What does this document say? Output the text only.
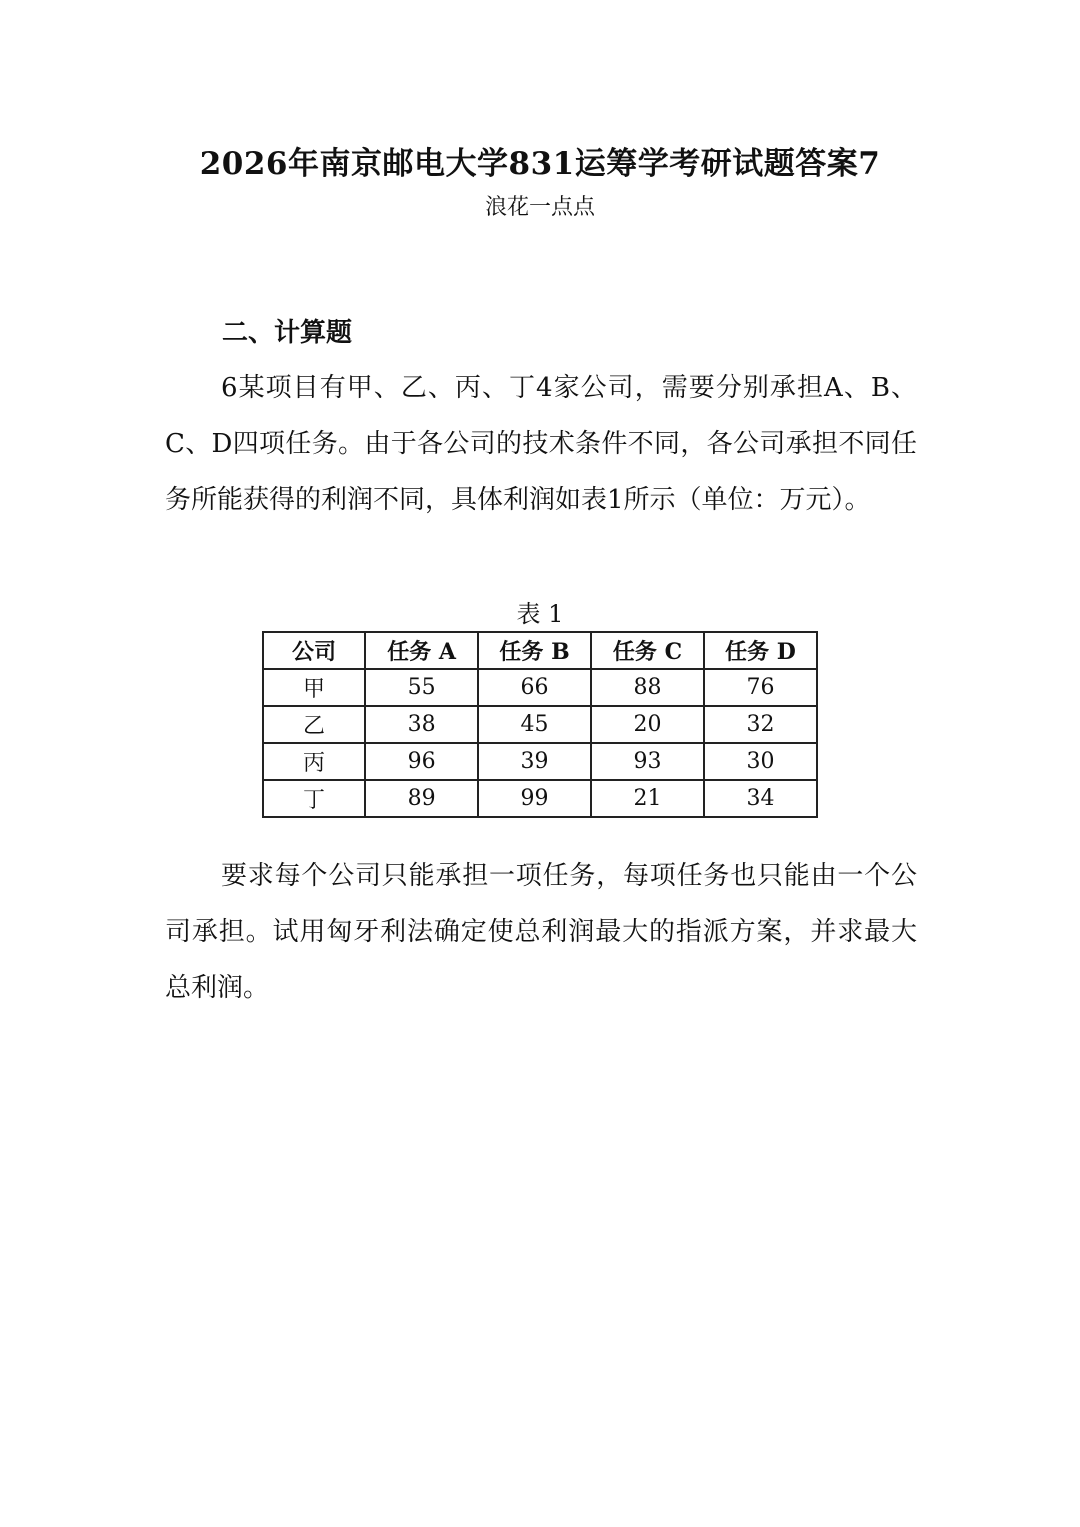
2026年南京邮电大学831运筹学考研试题答案7
浪花一点点
二、计算题

6某项目有甲、乙、丙、丁4家公司，需要分别承担A、B、C、D四项任务。由于各公司的技术条件不同，各公司承担不同任务所能获得的利润不同，具体利润如表1所示（单位：万元）。

表 1
公司	任务 A	任务 B	任务 C	任务 D
甲	55	66	88	76
乙	38	45	20	32
丙	96	39	93	30
丁	89	99	21	34

要求每个公司只能承担一项任务，每项任务也只能由一个公司承担。试用匈牙利法确定使总利润最大的指派方案，并求最大总利润。
